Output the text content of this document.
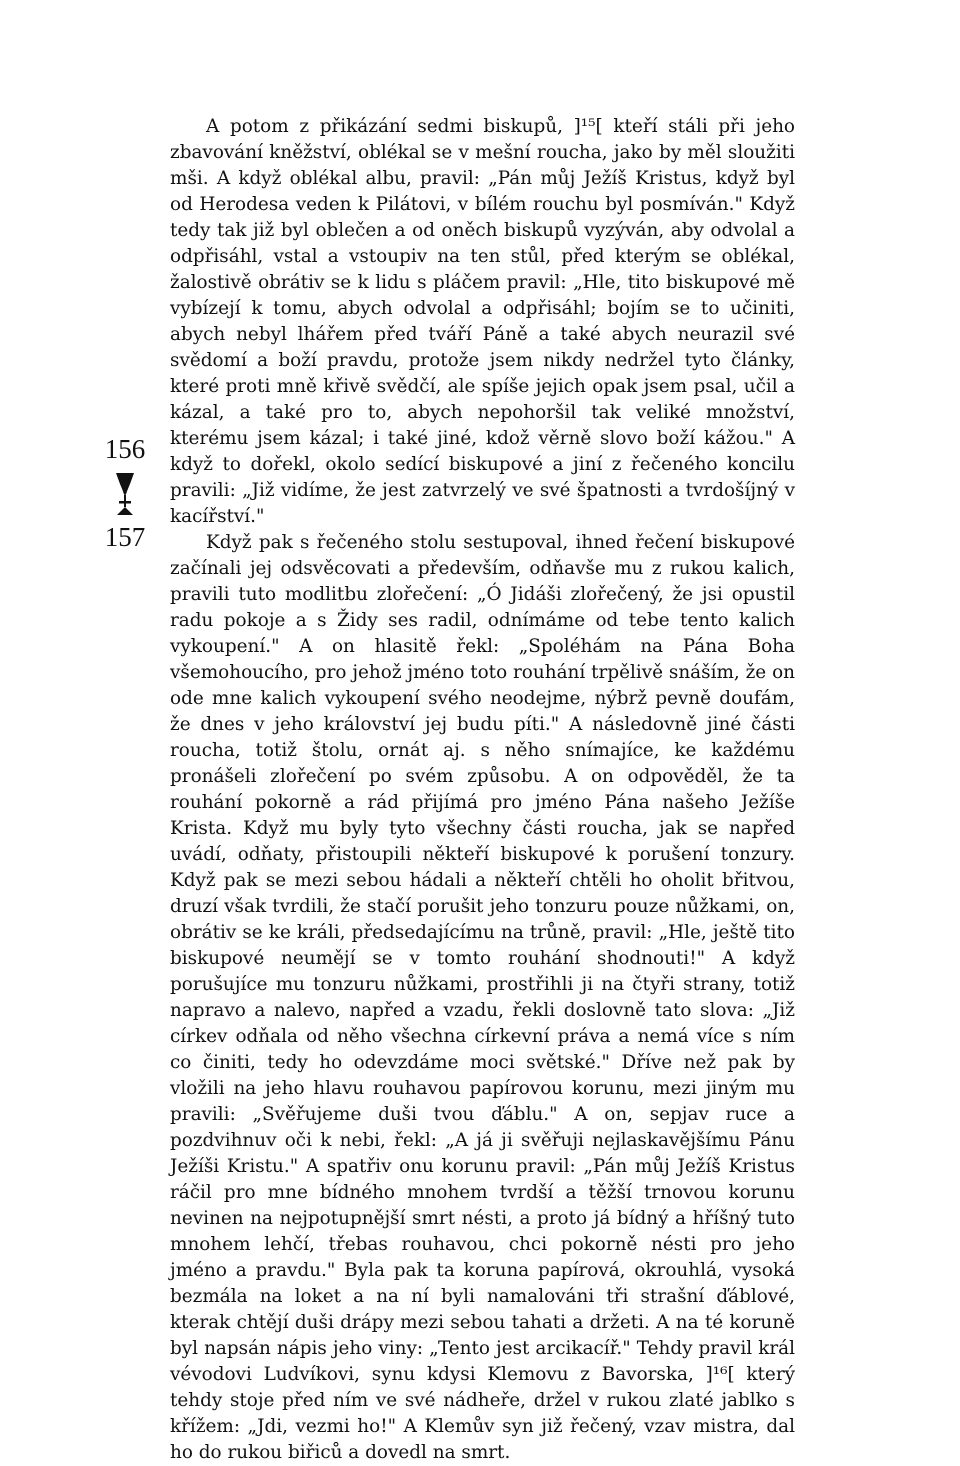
A potom z přikázání sedmi biskupů, ]¹⁵[ kteří stáli při jeho zbavování kněžství, oblékal se v mešní roucha, jako by měl sloužiti mši. A když oblékal albu, pravil: „Pán můj Ježíš Kristus, když byl od Herodesa veden k Pilátovi, v bílém rouchu byl posmíván." Když tedy tak již byl oblečen a od oněch biskupů vyzýván, aby odvolal a odpřisáhl, vstal a vstoupiv na ten stůl, před kterým se oblékal, žalostivě obrátiv se k lidu s pláčem pravil: „Hle, tito biskupové mě vybízejí k tomu, abych odvolal a odpřisáhl; bojím se to učiniti, abych nebyl lhářem před tváří Páně a také abych neurazil své svědomí a boží pravdu, protože jsem nikdy nedržel tyto články, které proti mně křivě svědčí, ale spíše jejich opak jsem psal, učil a kázal, a také pro to, abych nepohoršil tak veliké množství, kterému jsem kázal; i také jiné, kdož věrně slovo boží kážou." A když to dořekl, okolo sedící biskupové a jiní z řečeného koncilu pravili: „Již vidíme, že jest zatvrzelý ve své špatnosti a tvrdošíjný v kacířství."

Když pak s řečeného stolu sestupoval, ihned řečení biskupové začínali jej odsvěcovati a především, odňavše mu z rukou kalich, pravili tuto modlitbu zlořečení: „Ó Jidáši zlořečený, že jsi opustil radu pokoje a s Židy ses radil, odnímáme od tebe tento kalich vykoupení." A on hlasitě řekl: „Spoléhám na Pána Boha všemohoucího, pro jehož jméno toto rouhání trpělivě snáším, že on ode mne kalich vykoupení svého neodejme, nýbrž pevně doufám, že dnes v jeho království jej budu píti." A následovně jiné části roucha, totiž štolu, ornát aj. s něho snímajíce, ke každému pronášeli zlořečení po svém způsobu. A on odpověděl, že ta rouhání pokorně a rád přijímá pro jméno Pána našeho Ježíše Krista. Když mu byly tyto všechny části roucha, jak se napřed uvádí, odňaty, přistoupili někteří biskupové k porušení tonzury. Když pak se mezi sebou hádali a někteří chtěli ho oholit břitvou, druzí však tvrdili, že stačí porušit jeho tonzuru pouze nůžkami, on, obrátiv se ke králi, předsedajícímu na trůně, pravil: „Hle, ještě tito biskupové neumějí se v tomto rouhání shodnouti!" A když porušujíce mu tonzuru nůžkami, prostřihli ji na čtyři strany, totiž napravo a nalevo, napřed a vzadu, řekli doslovně tato slova: „Již církev odňala od něho všechna církevní práva a nemá více s ním co činiti, tedy ho odevzdáme moci světské." Dříve než pak by vložili na jeho hlavu rouhavou papírovou korunu, mezi jiným mu pravili: „Svěřujeme duši tvou ďáblu." A on, sepjav ruce a pozdvihnuv oči k nebi, řekl: „A já ji svěřuji nejlaskavějšímu Pánu Ježíši Kristu." A spatřiv onu korunu pravil: „Pán můj Ježíš Kristus ráčil pro mne bídného mnohem tvrdší a těžší trnovou korunu nevinen na nejpotupnější smrt nésti, a proto já bídný a hříšný tuto mnohem lehčí, třebas rouhavou, chci pokorně nésti pro jeho jméno a pravdu." Byla pak ta koruna papírová, okrouhlá, vysoká bezmála na loket a na ní byli namalováni tři strašní ďáblové, kterak chtějí duši drápy mezi sebou tahati a držeti. A na té koruně byl napsán nápis jeho viny: „Tento jest arcikacíř." Tehdy pravil král vévodovi Ludvíkovi, synu kdysi Klemovu z Bavorska, ]¹⁶[ který tehdy stoje před ním ve své nádheře, držel v rukou zlaté jablko s křížem: „Jdi, vezmi ho!" A Klemův syn již řečený, vzav mistra, dal ho do rukou biřiců a dovedl na smrt.

156
157
